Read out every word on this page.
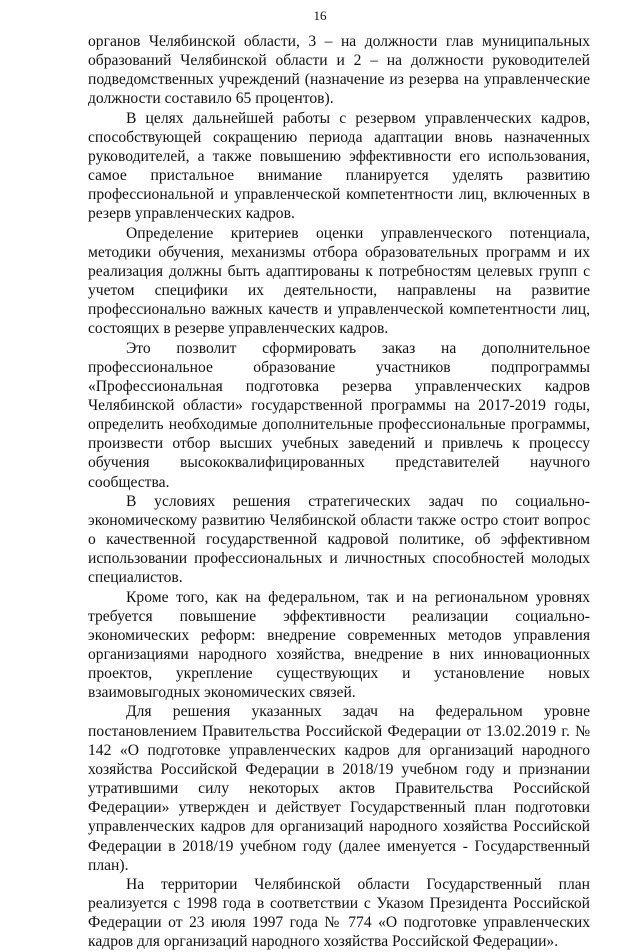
16

органов Челябинской области, 3 – на должности глав муниципальных образований Челябинской области и 2 – на должности руководителей подведомственных учреждений (назначение из резерва на управленческие должности составило 65 процентов).

В целях дальнейшей работы с резервом управленческих кадров, способствующей сокращению периода адаптации вновь назначенных руководителей, а также повышению эффективности его использования, самое пристальное внимание планируется уделять развитию профессиональной и управленческой компетентности лиц, включенных в резерв управленческих кадров.

Определение критериев оценки управленческого потенциала, методики обучения, механизмы отбора образовательных программ и их реализация должны быть адаптированы к потребностям целевых групп с учетом специфики их деятельности, направлены на развитие профессионально важных качеств и управленческой компетентности лиц, состоящих в резерве управленческих кадров.

Это позволит сформировать заказ на дополнительное профессиональное образование участников подпрограммы «Профессиональная подготовка резерва управленческих кадров Челябинской области» государственной программы на 2017-2019 годы, определить необходимые дополнительные профессиональные программы, произвести отбор высших учебных заведений и привлечь к процессу обучения высококвалифицированных представителей научного сообщества.

В условиях решения стратегических задач по социально-экономическому развитию Челябинской области также остро стоит вопрос о качественной государственной кадровой политике, об эффективном использовании профессиональных и личностных способностей молодых специалистов.

Кроме того, как на федеральном, так и на региональном уровнях требуется повышение эффективности реализации социально-экономических реформ: внедрение современных методов управления организациями народного хозяйства, внедрение в них инновационных проектов, укрепление существующих и установление новых взаимовыгодных экономических связей.

Для решения указанных задач на федеральном уровне постановлением Правительства Российской Федерации от 13.02.2019 г. № 142 «О подготовке управленческих кадров для организаций народного хозяйства Российской Федерации в 2018/19 учебном году и признании утратившими силу некоторых актов Правительства Российской Федерации» утвержден и действует Государственный план подготовки управленческих кадров для организаций народного хозяйства Российской Федерации в 2018/19 учебном году (далее именуется - Государственный план).

На территории Челябинской области Государственный план реализуется с 1998 года в соответствии с Указом Президента Российской Федерации от 23 июля 1997 года № 774 «О подготовке управленческих кадров для организаций народного хозяйства Российской Федерации».
